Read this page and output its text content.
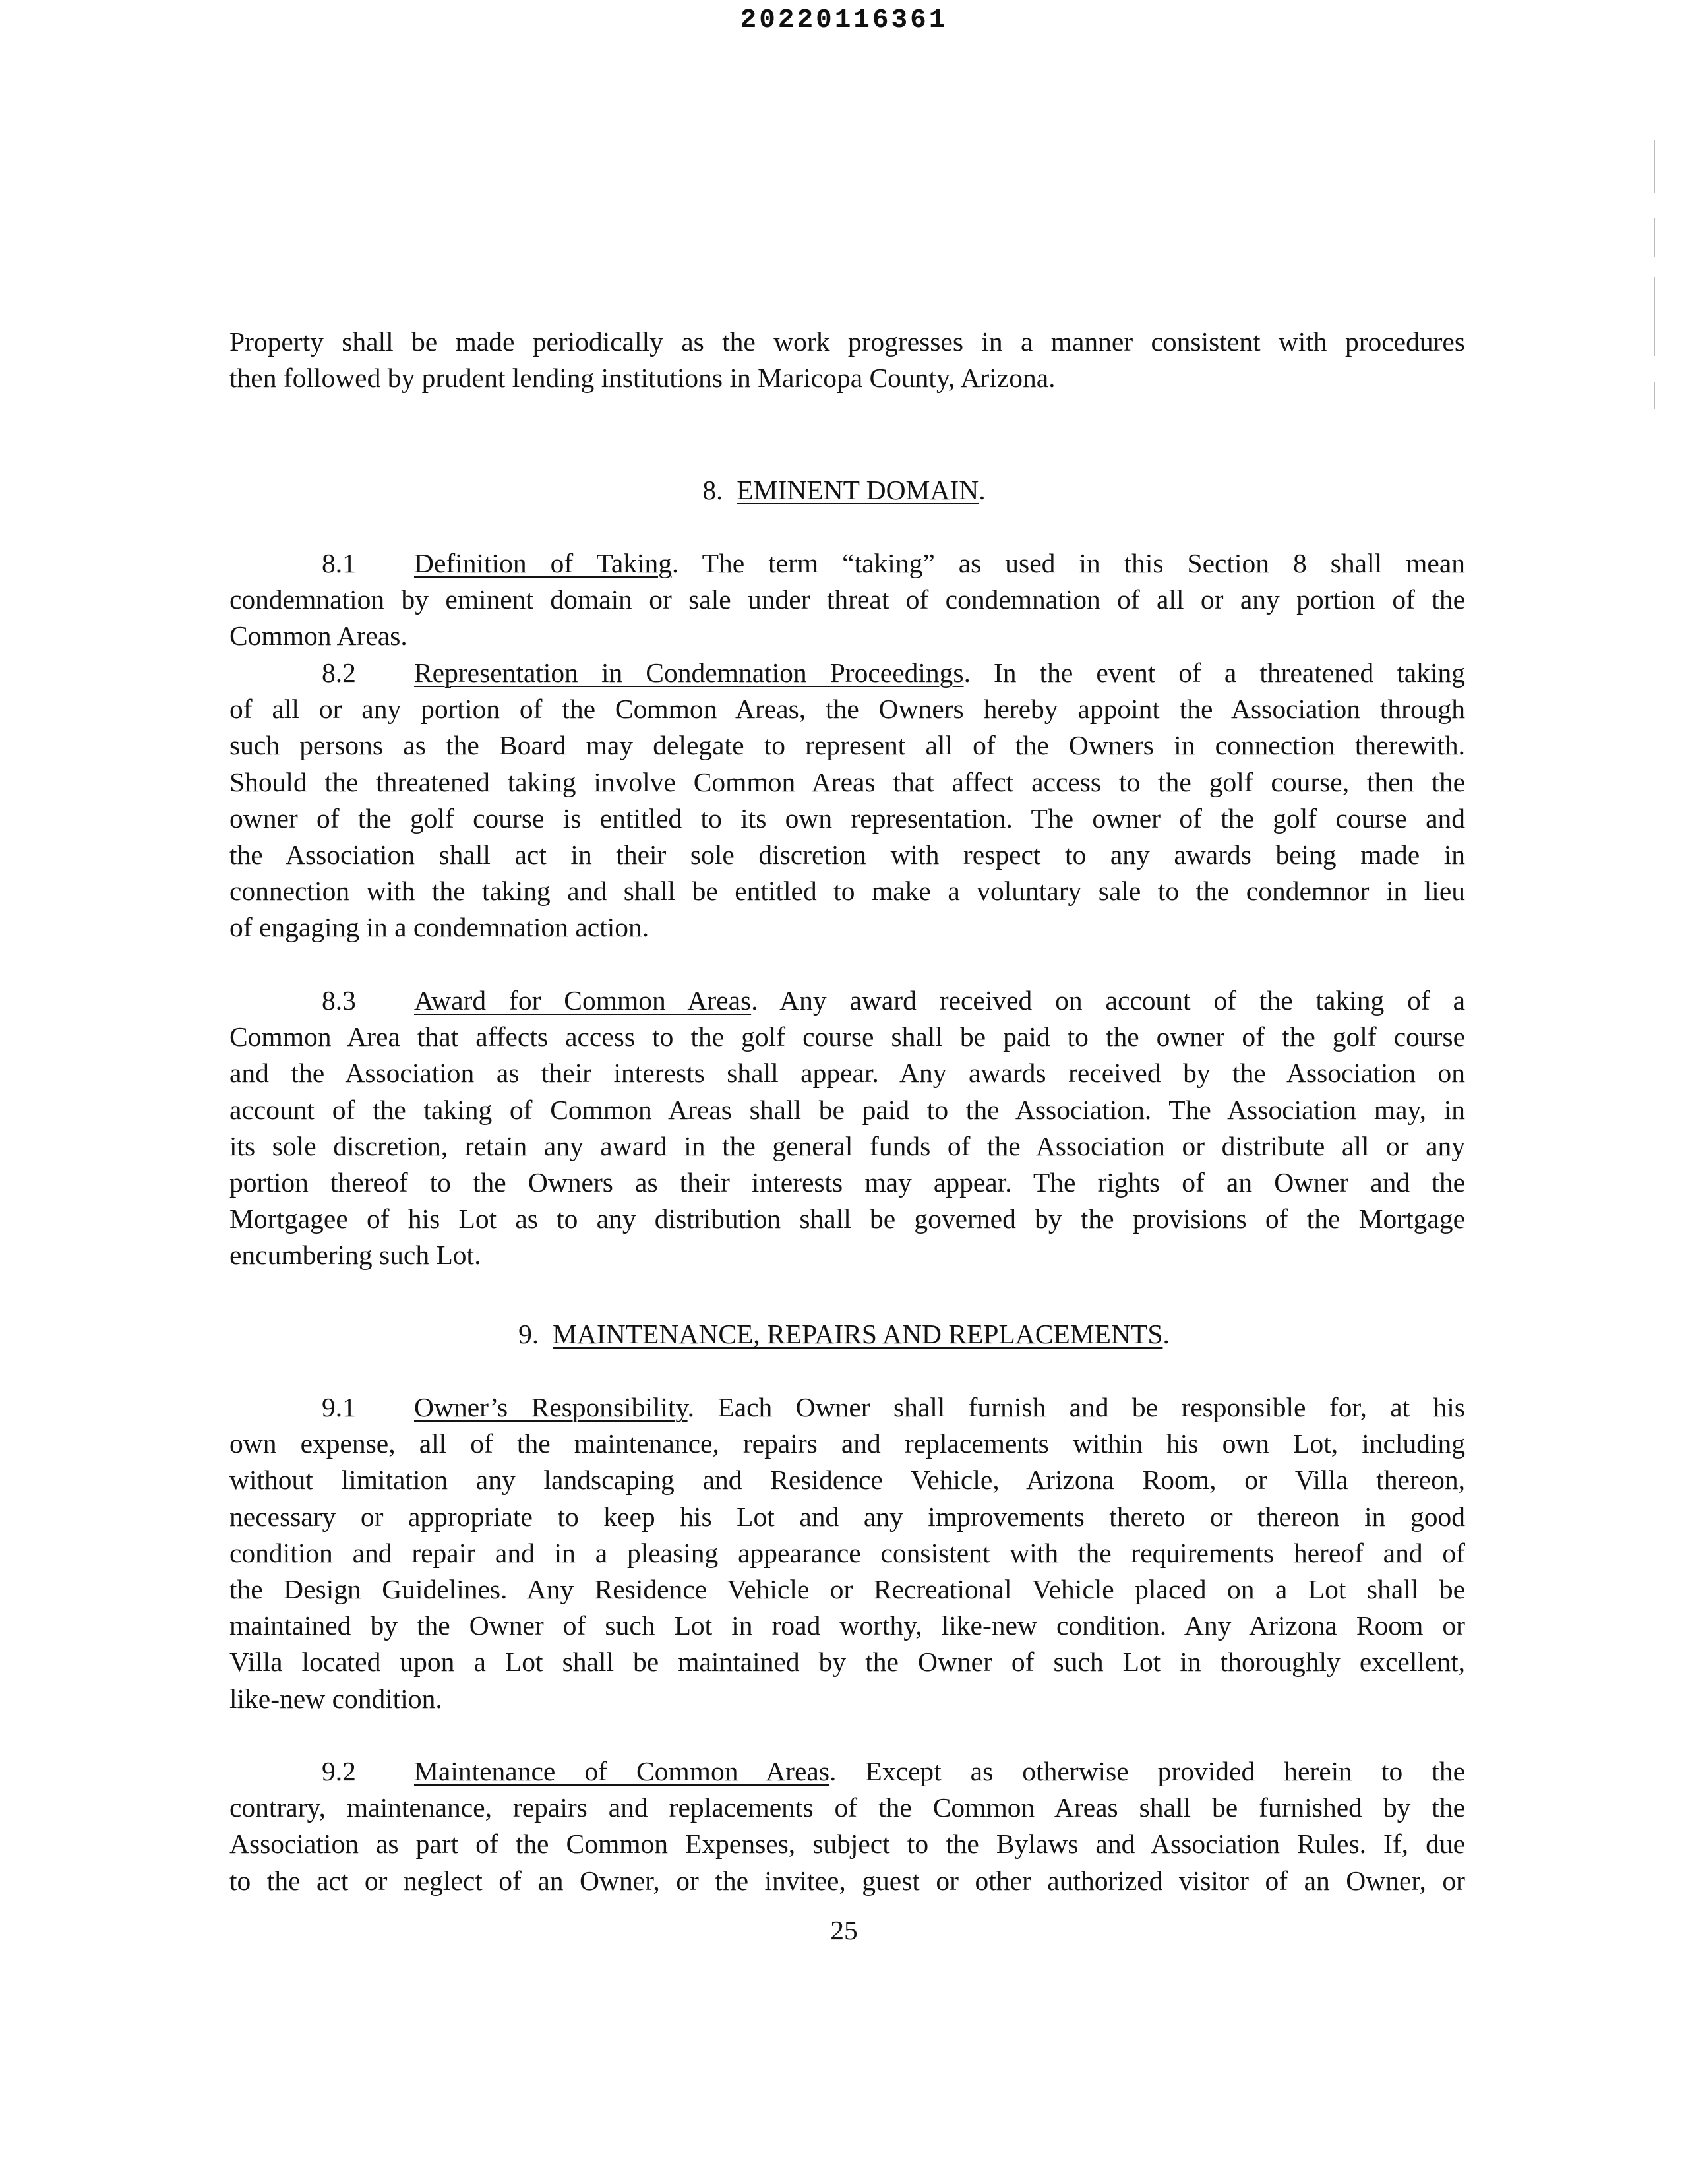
20220116361
Property shall be made periodically as the work progresses in a manner consistent with procedures
then followed by prudent lending institutions in Maricopa County, Arizona.
8. EMINENT DOMAIN.
8.1 Definition of Taking. The term “taking” as used in this Section 8 shall mean
condemnation by eminent domain or sale under threat of condemnation of all or any portion of the
Common Areas.
8.2 Representation in Condemnation Proceedings. In the event of a threatened taking
of all or any portion of the Common Areas, the Owners hereby appoint the Association through
such persons as the Board may delegate to represent all of the Owners in connection therewith.
Should the threatened taking involve Common Areas that affect access to the golf course, then the
owner of the golf course is entitled to its own representation. The owner of the golf course and
the Association shall act in their sole discretion with respect to any awards being made in
connection with the taking and shall be entitled to make a voluntary sale to the condemnor in lieu
of engaging in a condemnation action.
8.3 Award for Common Areas. Any award received on account of the taking of a
Common Area that affects access to the golf course shall be paid to the owner of the golf course
and the Association as their interests shall appear. Any awards received by the Association on
account of the taking of Common Areas shall be paid to the Association. The Association may, in
its sole discretion, retain any award in the general funds of the Association or distribute all or any
portion thereof to the Owners as their interests may appear. The rights of an Owner and the
Mortgagee of his Lot as to any distribution shall be governed by the provisions of the Mortgage
encumbering such Lot.
9. MAINTENANCE, REPAIRS AND REPLACEMENTS.
9.1 Owner’s Responsibility. Each Owner shall furnish and be responsible for, at his
own expense, all of the maintenance, repairs and replacements within his own Lot, including
without limitation any landscaping and Residence Vehicle, Arizona Room, or Villa thereon,
necessary or appropriate to keep his Lot and any improvements thereto or thereon in good
condition and repair and in a pleasing appearance consistent with the requirements hereof and of
the Design Guidelines. Any Residence Vehicle or Recreational Vehicle placed on a Lot shall be
maintained by the Owner of such Lot in road worthy, like-new condition. Any Arizona Room or
Villa located upon a Lot shall be maintained by the Owner of such Lot in thoroughly excellent,
like-new condition.
9.2 Maintenance of Common Areas. Except as otherwise provided herein to the
contrary, maintenance, repairs and replacements of the Common Areas shall be furnished by the
Association as part of the Common Expenses, subject to the Bylaws and Association Rules. If, due
to the act or neglect of an Owner, or the invitee, guest or other authorized visitor of an Owner, or
25
